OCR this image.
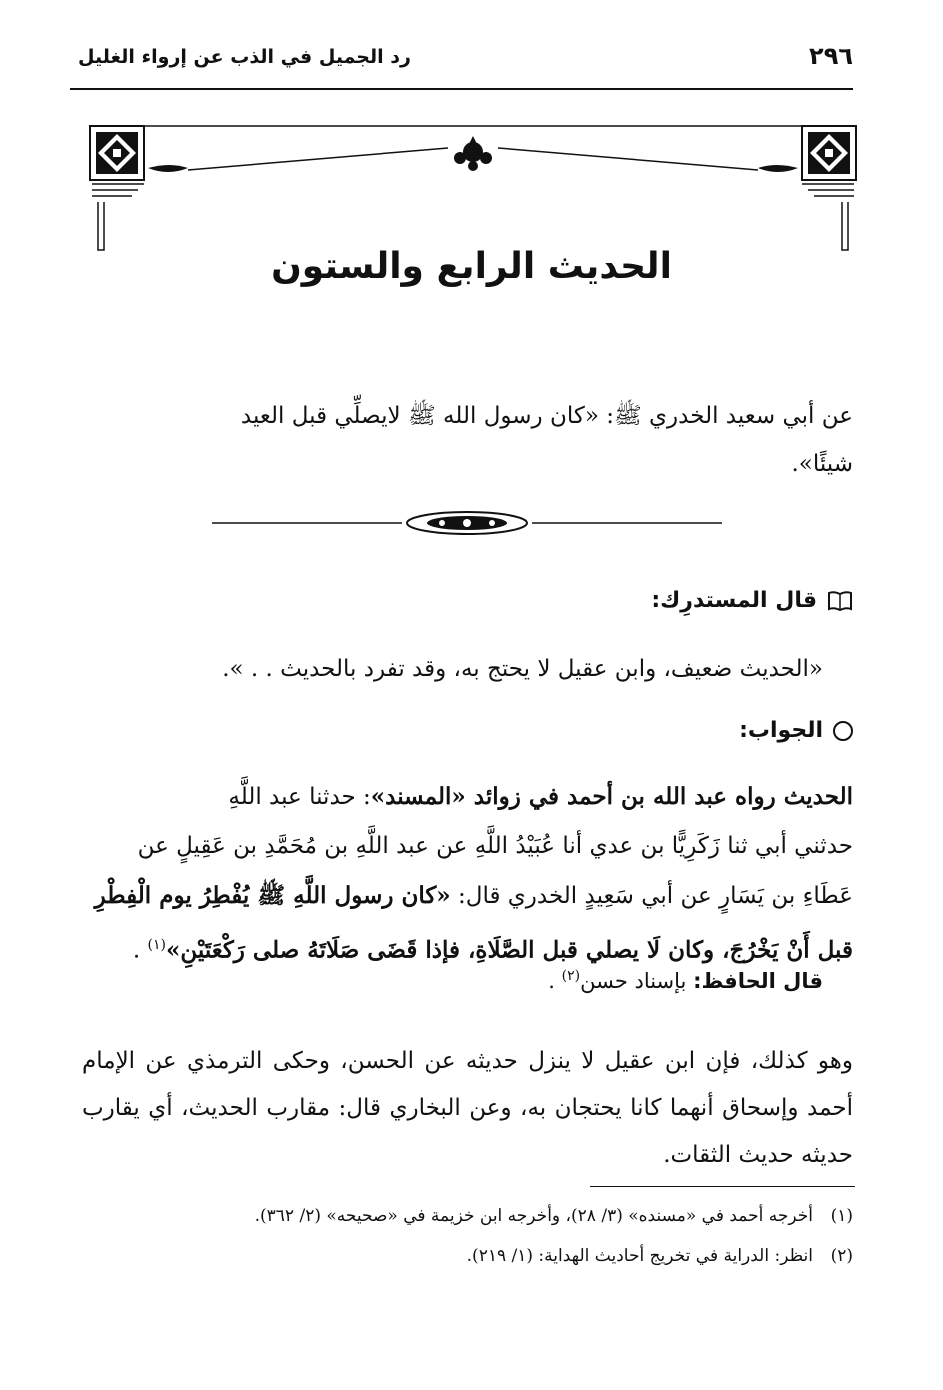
٢٩٦
رد الجميل في الذب عن إرواء الغليل
الحديث الرابع والستون
عن أبي سعيد الخدري ﷺ: «كان رسول الله ﷺ لايصلِّي قبل العيد
شيئًا».
قال المستدرِك:
«الحديث ضعيف، وابن عقيل لا يحتج به، وقد تفرد بالحديث . . ».
الجواب:
الحديث رواه عبد الله بن أحمد في زوائد «المسند»: حدثنا عبد اللَّهِ
حدثني أبي ثنا زَكَرِيًّا بن عدي أنا عُبَيْدُ اللَّهِ عن عبد اللَّهِ بن مُحَمَّدِ بن عَقِيلٍ عن
عَطَاءِ بن يَسَارٍ عن أبي سَعِيدٍ الخدري قال: «كان رسول اللَّهِ ﷺ يُفْطِرُ يوم الْفِطْرِ
قبل أَنْ يَخْرُجَ، وكان لَا يصلي قبل الصَّلَاةِ، فإذا قَضَى صَلَاتَهُ صلى رَكْعَتَيْنِ»$^{(١)}$ .
قال الحافظ: بإسناد حسن$^{(٢)}$ .
وهو كذلك، فإن ابن عقيل لا ينزل حديثه عن الحسن، وحكى الترمذي عن الإمام أحمد وإسحاق أنهما كانا يحتجان به، وعن البخاري قال: مقارب الحديث، أي يقارب حديثه حديث الثقات.
(١)أخرجه أحمد في «مسنده» (٣/ ٢٨)، وأخرجه ابن خزيمة في «صحيحه» (٢/ ٣٦٢).
(٢)انظر: الدراية في تخريج أحاديث الهداية: (١/ ٢١٩).
